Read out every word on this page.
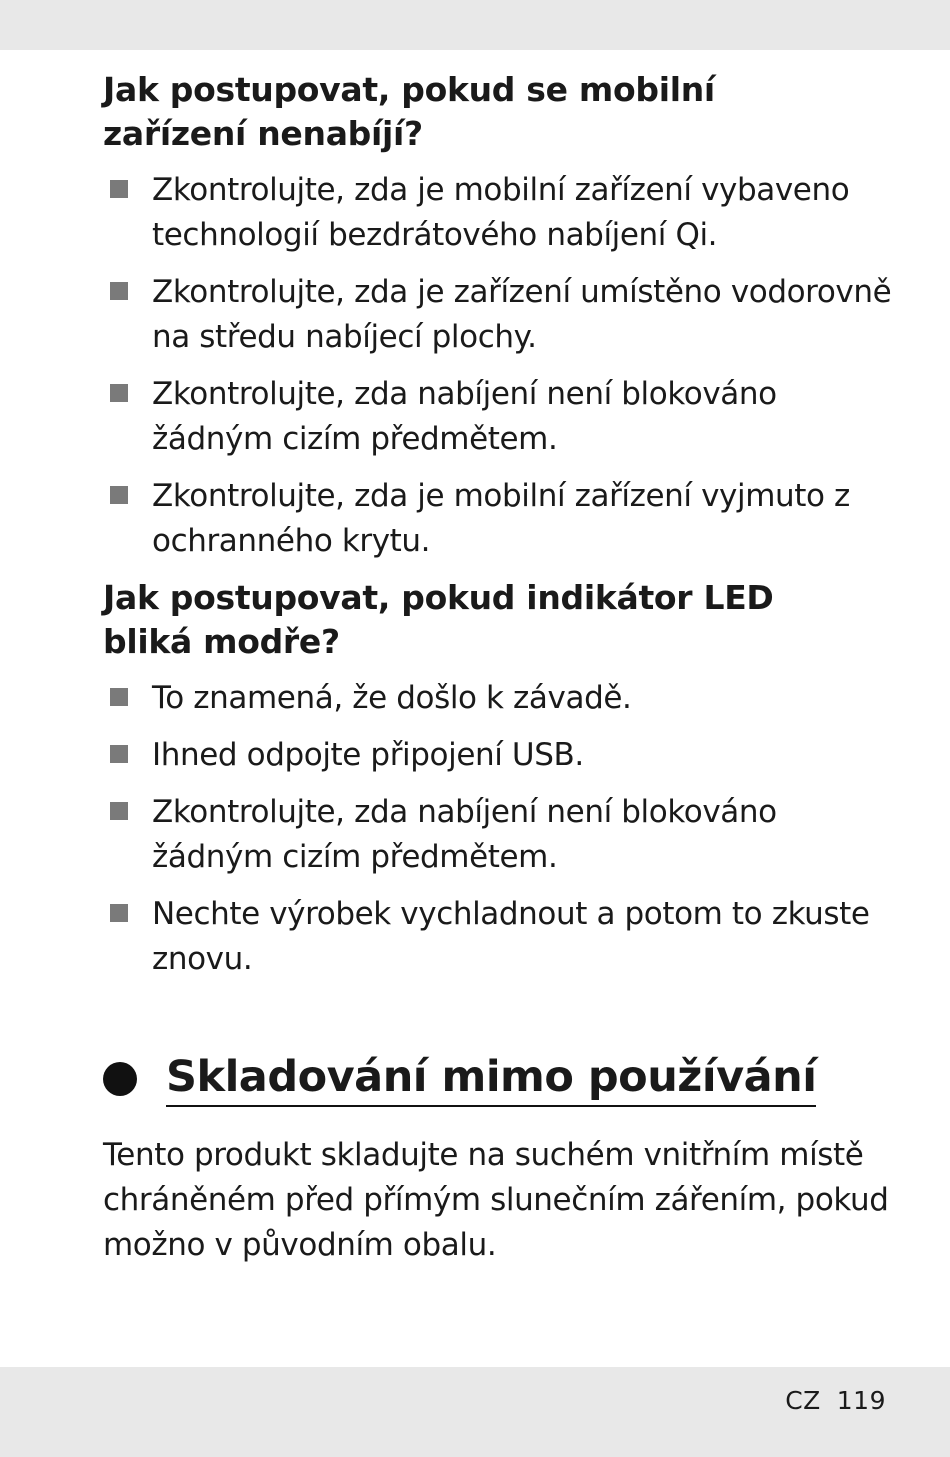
Jak postupovat, pokud se mobilní
zařízení nenabíjí?
Zkontrolujte, zda je mobilní zařízení vybaveno technologií bezdrátového nabíjení Qi.
Zkontrolujte, zda je zařízení umístěno vodorovně na středu nabíjecí plochy.
Zkontrolujte, zda nabíjení není blokováno žádným cizím předmětem.
Zkontrolujte, zda je mobilní zařízení vyjmuto z ochranného krytu.
Jak postupovat, pokud indikátor LED
bliká modře?
To znamená, že došlo k závadě.
Ihned odpojte připojení USB.
Zkontrolujte, zda nabíjení není blokováno žádným cizím předmětem.
Nechte výrobek vychladnout a potom to zkuste znovu.
Skladování mimo používání

Tento produkt skladujte na suchém vnitřním místě chráněném před přímým slunečním zářením, pokud možno v původním obalu.

CZ 119
